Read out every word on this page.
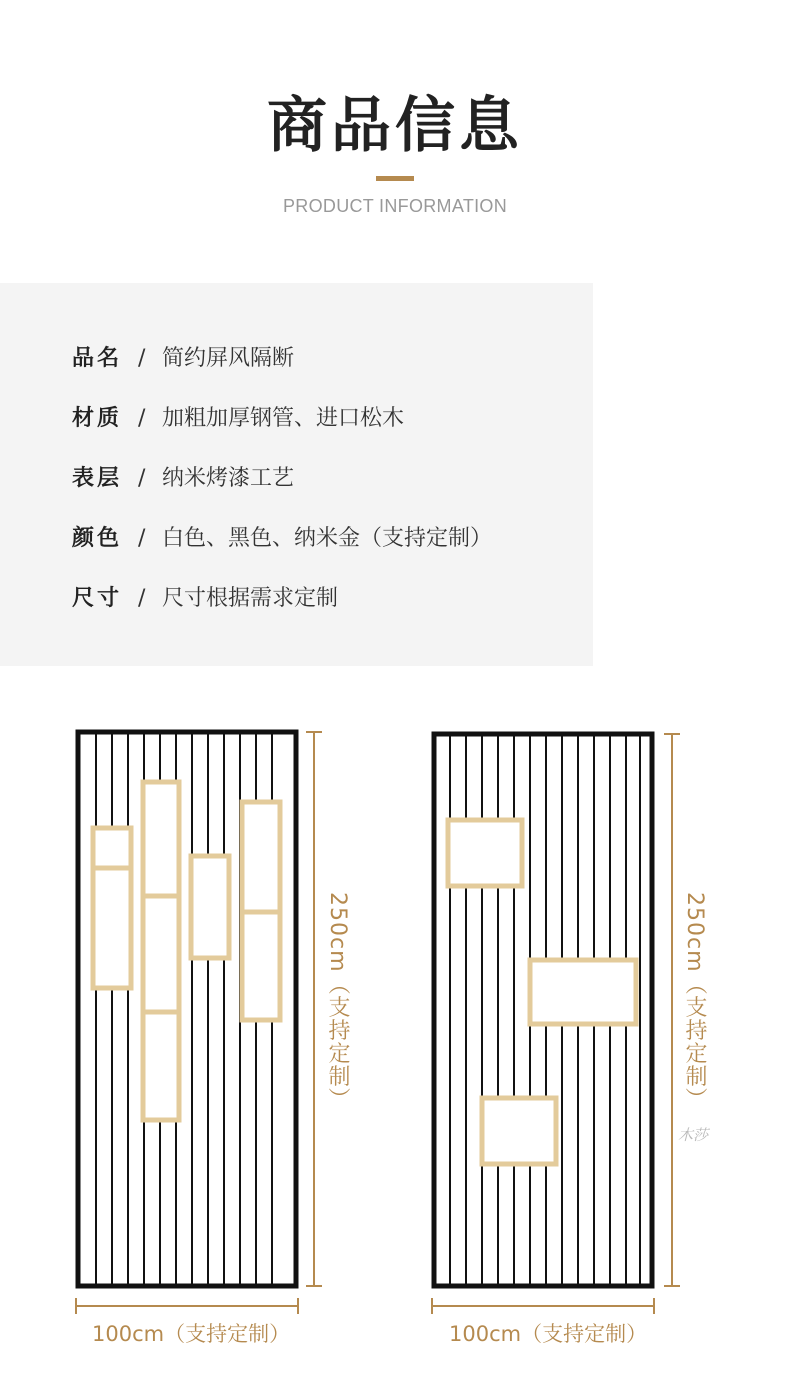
商品信息
PRODUCT INFORMATION
品名 / 简约屏风隔断
材质 / 加粗加厚钢管、进口松木
表层 / 纳米烤漆工艺
颜色 / 白色、黑色、纳米金（支持定制）
尺寸 / 尺寸根据需求定制
250cm（支持定制）
100cm（支持定制）
250cm（支持定制）
100cm（支持定制）
木莎
